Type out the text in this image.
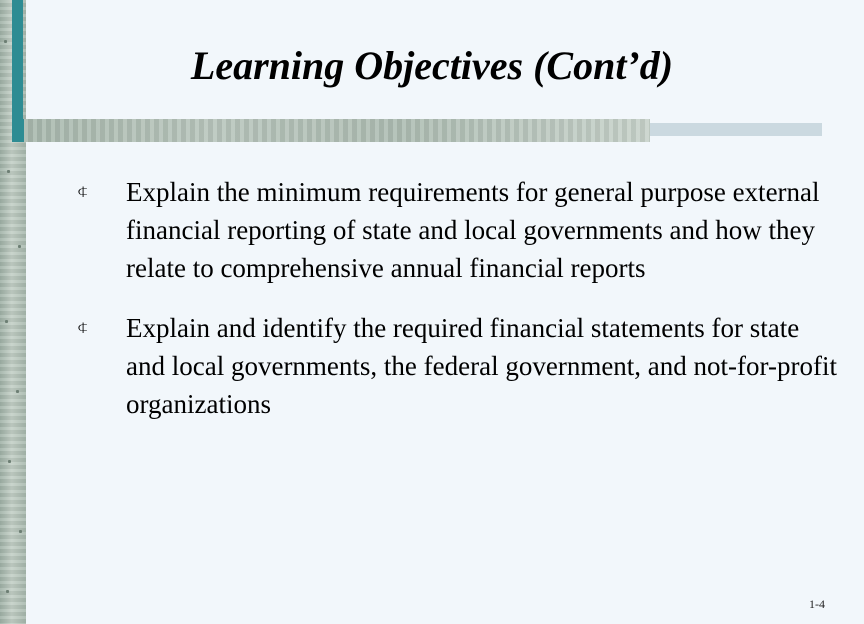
Learning Objectives (Cont’d)
⍧	Explain the minimum requirements for general purpose external financial reporting of state and local governments and how they relate to comprehensive annual financial reports
⍧	Explain and identify the required financial statements for state and local governments, the federal government, and not-for-profit organizations
1-4
